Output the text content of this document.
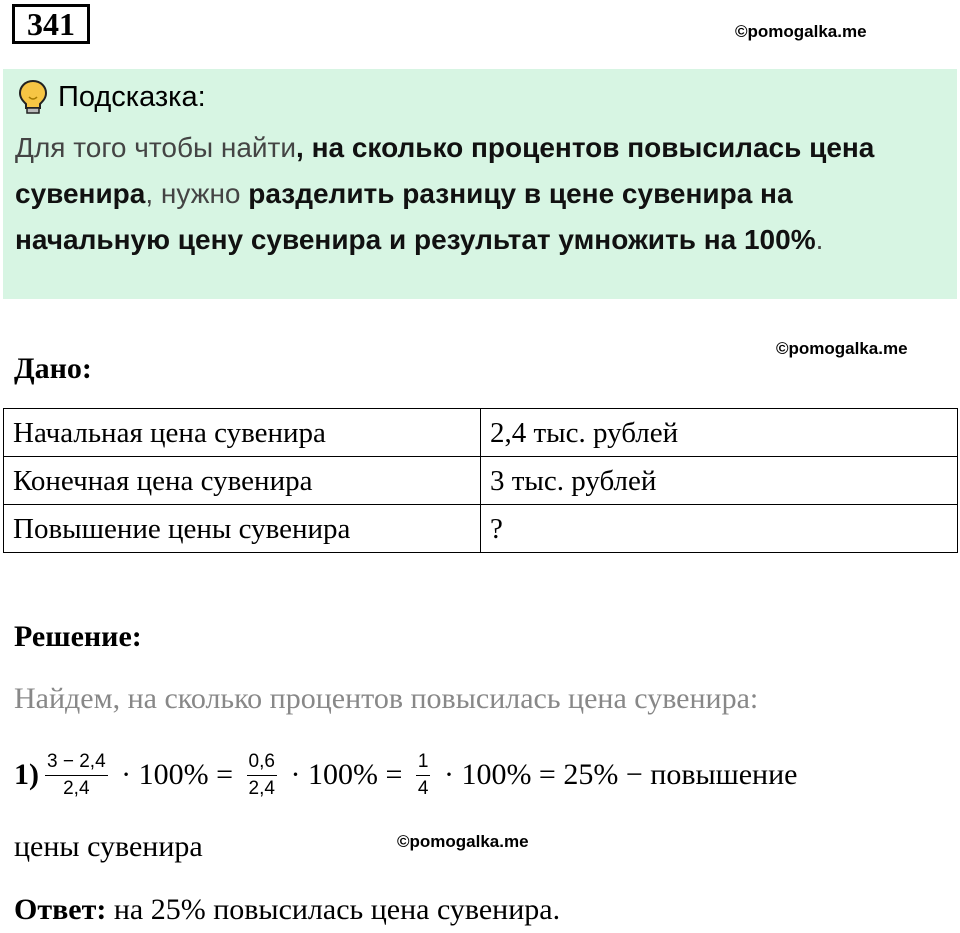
341	©pomogalka.me
Подсказка:
Для того чтобы найти, на сколько процентов повысилась цена сувенира, нужно разделить разницу в цене сувенира на начальную цену сувенира и результат умножить на 100%.
Дано:
©pomogalka.me
Начальная цена сувенира	2,4 тыс. рублей
Конечная цена сувенира	3 тыс. рублей
Повышение цены сувенира	?
Решение:
Найдем, на сколько процентов повысилась цена сувенира:
$1) \frac{3 - 2,4}{2,4} \cdot 100\% = \frac{0,6}{2,4} \cdot 100\% = \frac{1}{4} \cdot 100\% = 25\%$ − повышение
цены сувенира	©pomogalka.me
Ответ: на 25% повысилась цена сувенира.
